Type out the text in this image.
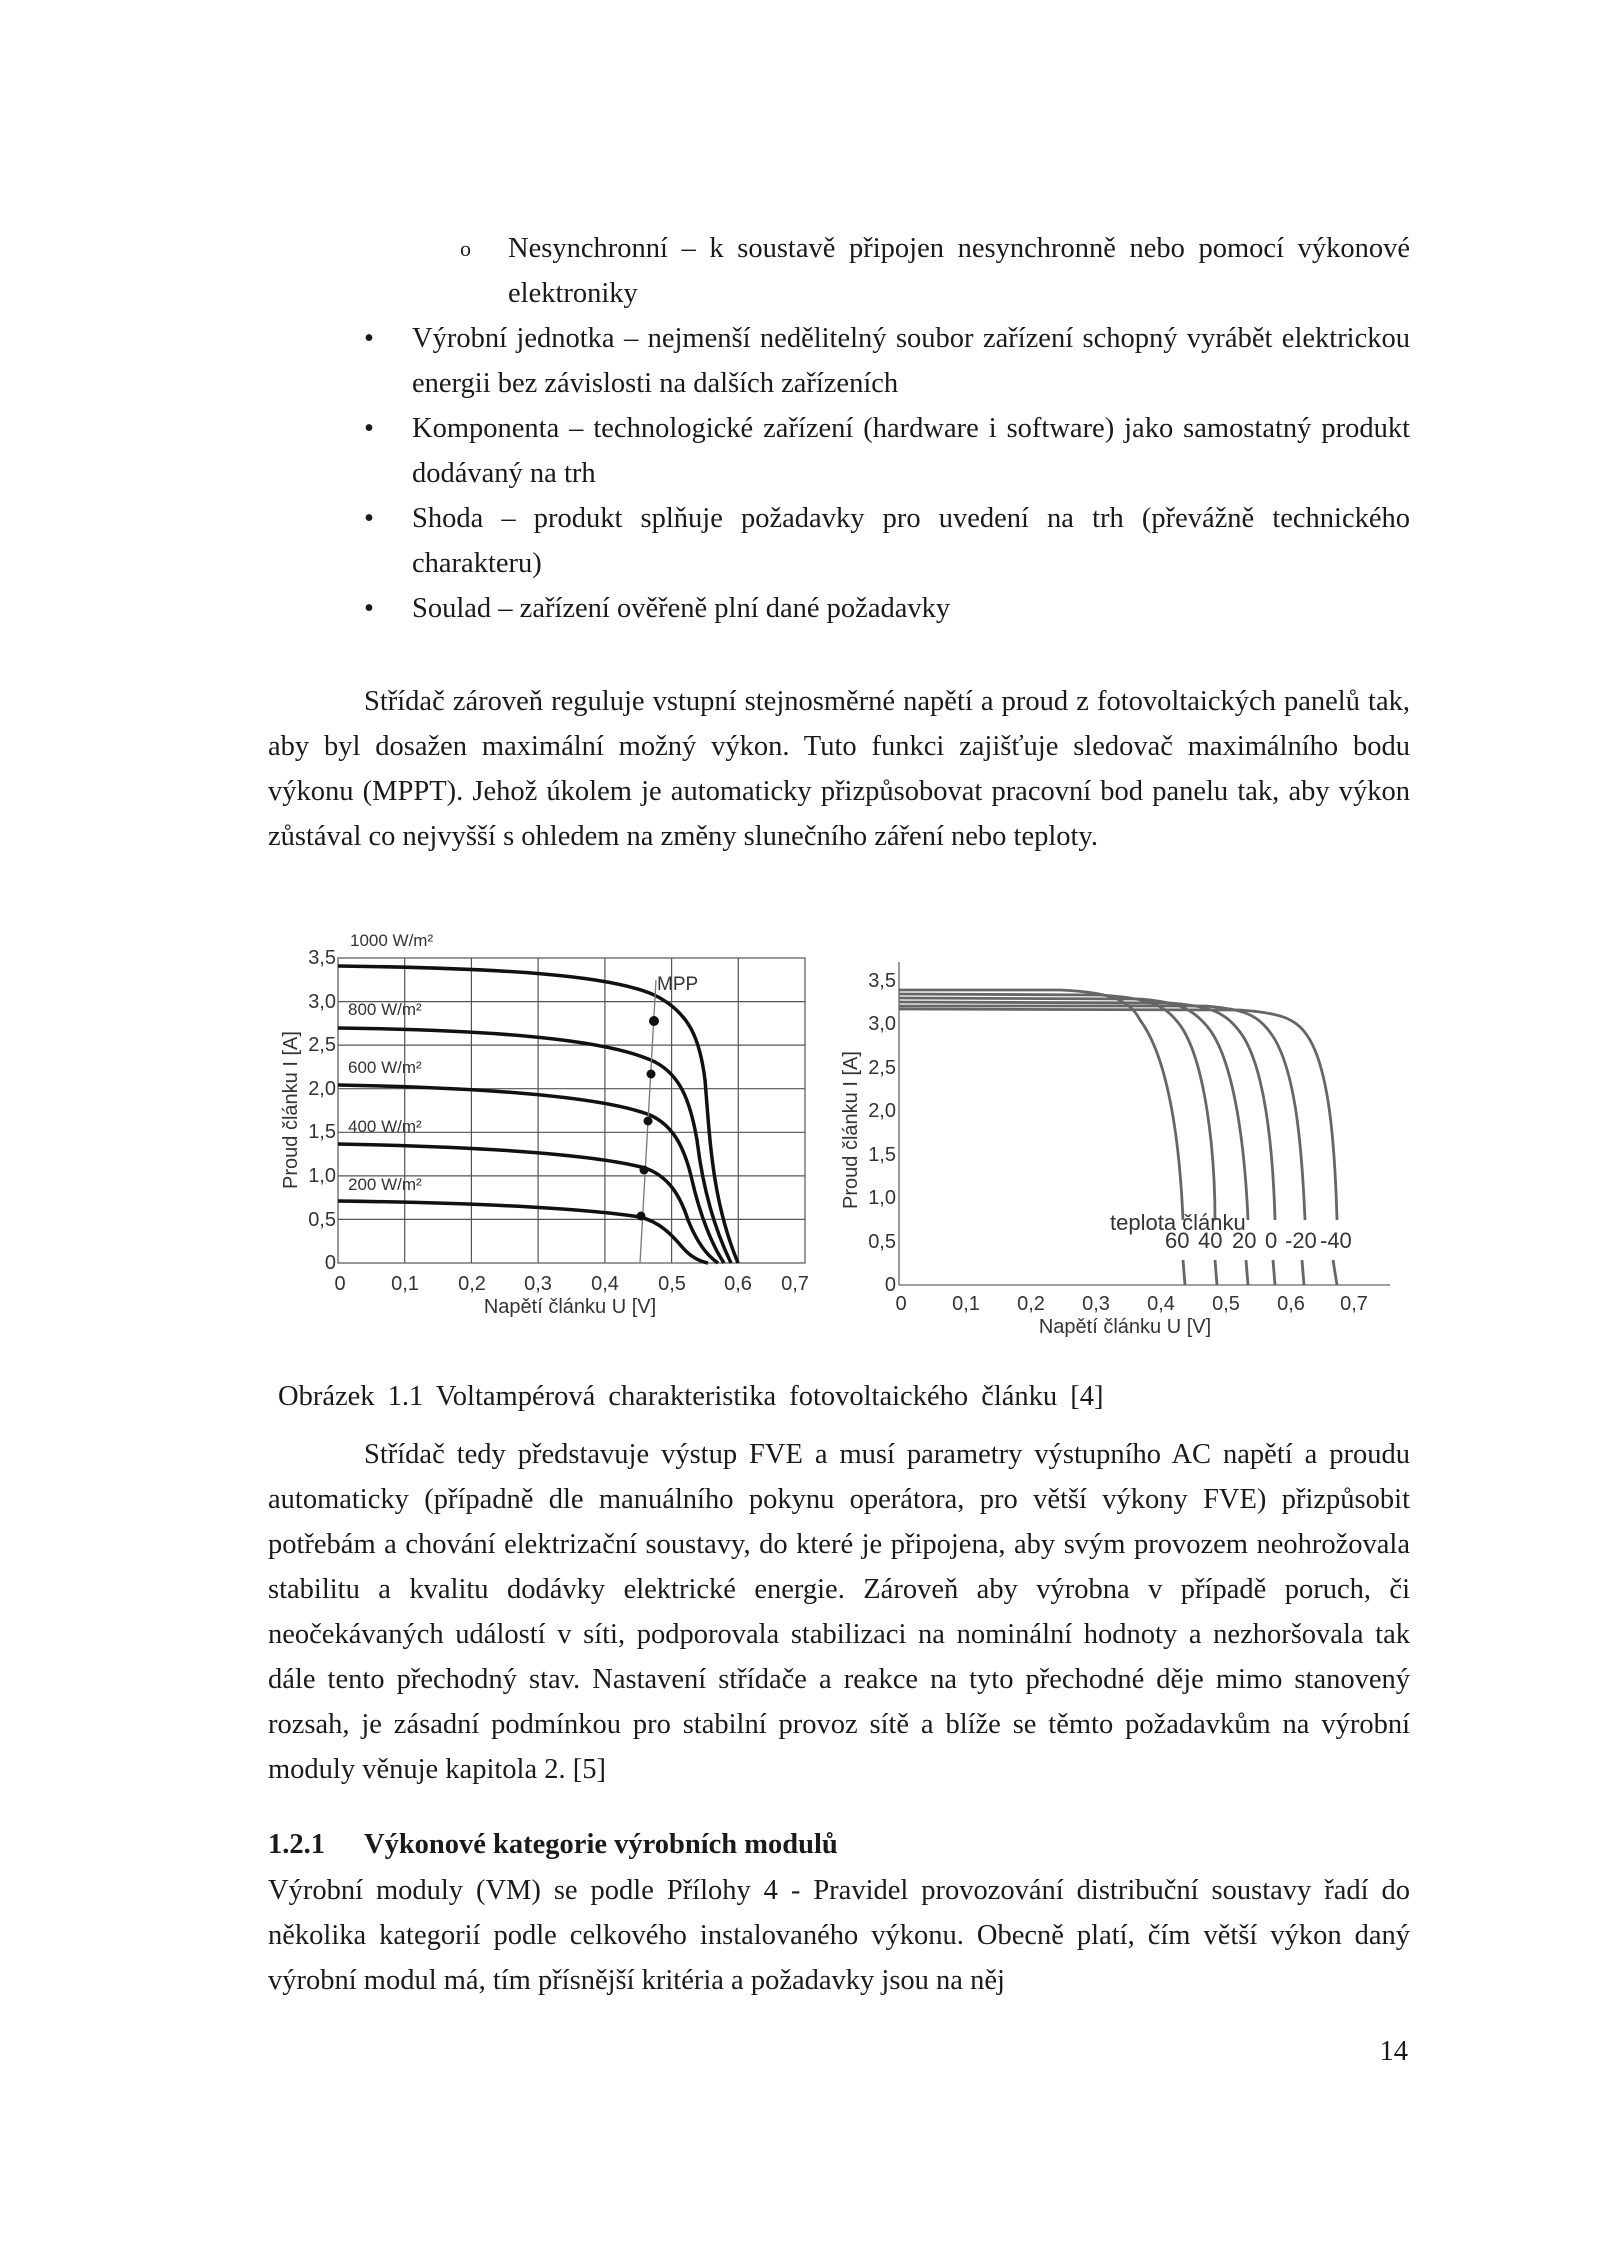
o Nesynchronní – k soustavě připojen nesynchronně nebo pomocí výkonové elektroniky
• Výrobní jednotka – nejmenší nedělitelný soubor zařízení schopný vyrábět elektrickou energii bez závislosti na dalších zařízeních
• Komponenta – technologické zařízení (hardware i software) jako samostatný produkt dodávaný na trh
• Shoda – produkt splňuje požadavky pro uvedení na trh (převážně technického charakteru)
• Soulad – zařízení ověřeně plní dané požadavky
Střídač zároveň reguluje vstupní stejnosměrné napětí a proud z fotovoltaických panelů tak, aby byl dosažen maximální možný výkon. Tuto funkci zajišťuje sledovač maximálního bodu výkonu (MPPT). Jehož úkolem je automaticky přizpůsobovat pracovní bod panelu tak, aby výkon zůstával co nejvyšší s ohledem na změny slunečního záření nebo teploty.
MPP
1000 W/m²
800 W/m²
600 W/m²
400 W/m²
200 W/m²
0
0,5
1,0
1,5
2,0
2,5
3,0
3,5
0 0,1 0,2 0,3 0,4 0,5 0,6 0,7
Napětí článku U [V]
Proud článku I [A]
teplota článku
60 40 20 0 -20 -40
0
0,5
1,0
1,5
2,0
2,5
3,0
3,5
0 0,1 0,2 0,3 0,4 0,5 0,6 0,7
Napětí článku U [V]
Proud článku I [A]
Obrázek 1.1 Voltampérová charakteristika fotovoltaického článku [4]
Střídač tedy představuje výstup FVE a musí parametry výstupního AC napětí a proudu automaticky (případně dle manuálního pokynu operátora, pro větší výkony FVE) přizpůsobit potřebám a chování elektrizační soustavy, do které je připojena, aby svým provozem neohrožovala stabilitu a kvalitu dodávky elektrické energie. Zároveň aby výrobna v případě poruch, či neočekávaných událostí v síti, podporovala stabilizaci na nominální hodnoty a nezhoršovala tak dále tento přechodný stav. Nastavení střídače a reakce na tyto přechodné děje mimo stanovený rozsah, je zásadní podmínkou pro stabilní provoz sítě a blíže se těmto požadavkům na výrobní moduly věnuje kapitola 2. [5]
1.2.1 Výkonové kategorie výrobních modulů
Výrobní moduly (VM) se podle Přílohy 4 - Pravidel provozování distribuční soustavy řadí do několika kategorií podle celkového instalovaného výkonu. Obecně platí, čím větší výkon daný výrobní modul má, tím přísnější kritéria a požadavky jsou na něj
14
